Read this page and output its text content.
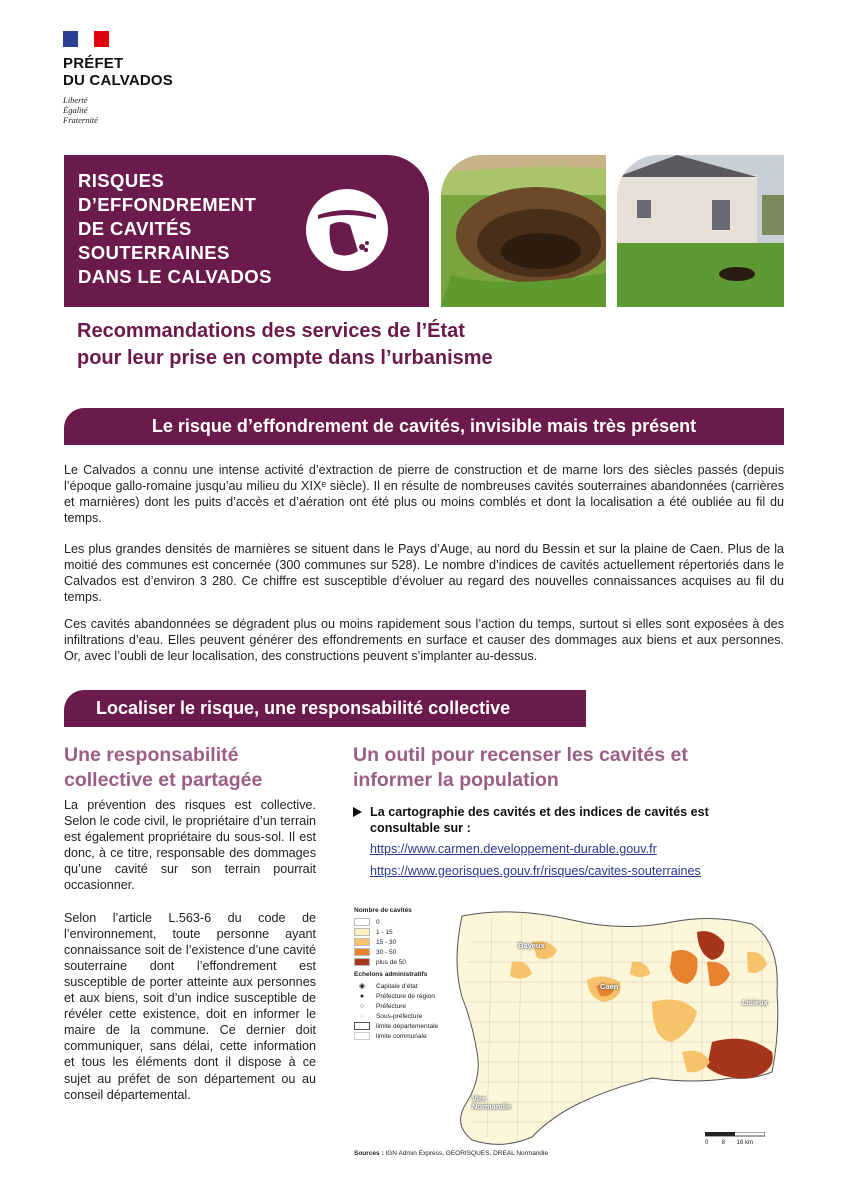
PRÉFET
DU CALVADOS
Liberté
Égalité
Fraternité
RISQUES
D’EFFONDREMENT
DE CAVITÉS
SOUTERRAINES
DANS LE CALVADOS
Recommandations des services de l’État
pour leur prise en compte dans l’urbanisme
Le risque d’effondrement de cavités, invisible mais très présent
Le Calvados a connu une intense activité d’extraction de pierre de construction et de marne lors des siècles passés (depuis l’époque gallo-romaine jusqu’au milieu du XIXᵉ siècle). Il en résulte de nombreuses cavités souterraines abandonnées (carrières et marnières) dont les puits d’accès et d’aération ont été plus ou moins comblés et dont la localisation a été oubliée au fil du temps.
Les plus grandes densités de marnières se situent dans le Pays d’Auge, au nord du Bessin et sur la plaine de Caen. Plus de la moitié des communes est concernée (300 communes sur 528). Le nombre d’indices de cavités actuellement répertoriés dans le Calvados est d’environ 3 280. Ce chiffre est susceptible d’évoluer au regard des nouvelles connaissances acquises au fil du temps.
Ces cavités abandonnées se dégradent plus ou moins rapidement sous l’action du temps, surtout si elles sont exposées à des infiltrations d’eau. Elles peuvent générer des effondrements en surface et causer des dommages aux biens et aux personnes. Or, avec l’oubli de leur localisation, des constructions peuvent s’implanter au-dessus.
Localiser le risque, une responsabilité collective
Une responsabilité
collective et partagée

La prévention des risques est collective. Selon le code civil, le propriétaire d’un terrain est également propriétaire du sous-sol. Il est donc, à ce titre, responsable des dommages qu’une cavité sur son terrain pourrait occasionner.

Selon l’article L.563-6 du code de l’environnement, toute personne ayant connaissance soit de l’existence d’une cavité souterraine dont l’effondrement est susceptible de porter atteinte aux personnes et aux biens, soit d’un indice susceptible de révéler cette existence, doit en informer le maire de la commune. Ce dernier doit communiquer, sans délai, cette information et tous les éléments dont il dispose à ce sujet au préfet de son département ou au conseil départemental.

Un outil pour recenser les cavités et
informer la population
La cartographie des cavités et des indices de cavités est consultable sur :
https://www.carmen.developpement-durable.gouv.fr
https://www.georisques.gouv.fr/risques/cavites-souterraines
Nombre de cavités
0
1 - 15
15 - 30
30 - 50
plus de 50
Echelons administratifs
◉	Capitale d’état
●	Préfecture de région
○	Préfecture
○	Sous-préfecture
limite départementale
limite communale
Bayeux
Caen
Lisieux
Vire
Normandie
0        8       16 km
Sources : IGN Admin Express, GEORISQUES, DREAL Normandie
